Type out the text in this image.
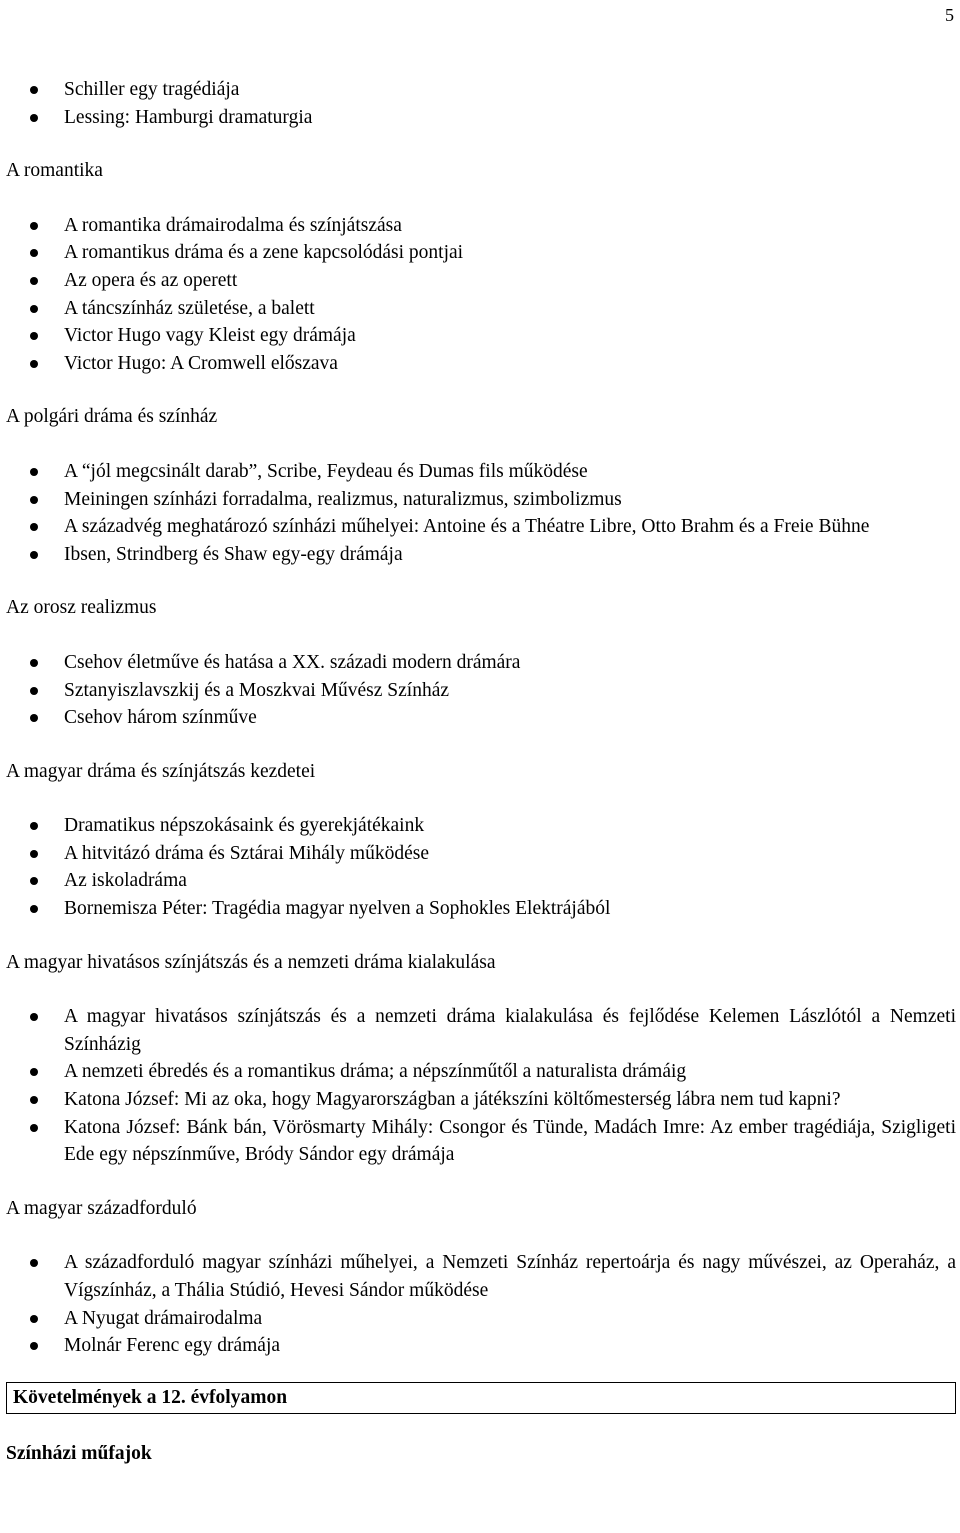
5
Schiller egy tragédiája
Lessing: Hamburgi dramaturgia
A romantika
A romantika drámairodalma és színjátszása
A romantikus dráma és a zene kapcsolódási pontjai
Az opera és az operett
A táncszínház születése, a balett
Victor Hugo vagy Kleist egy drámája
Victor Hugo: A Cromwell előszava
A polgári dráma és színház
A “jól megcsinált darab”, Scribe, Feydeau és Dumas fils működése
Meiningen színházi forradalma, realizmus, naturalizmus, szimbolizmus
A századvég meghatározó színházi műhelyei: Antoine és a Théatre Libre, Otto Brahm és a Freie Bühne
Ibsen, Strindberg és Shaw egy-egy drámája
Az orosz realizmus
Csehov életműve és hatása a XX. századi modern drámára
Sztanyiszlavszkij és a Moszkvai Művész Színház
Csehov három színműve
A magyar dráma és színjátszás kezdetei
Dramatikus népszokásaink és gyerekjátékaink
A hitvitázó dráma és Sztárai Mihály működése
Az iskoladráma
Bornemisza Péter: Tragédia magyar nyelven a Sophokles Elektrájából
A magyar hivatásos színjátszás és a nemzeti dráma kialakulása
A magyar hivatásos színjátszás és a nemzeti dráma kialakulása és fejlődése Kelemen Lászlótól a Nemzeti Színházig
A nemzeti ébredés és a romantikus dráma; a népszínműtől a naturalista drámáig
Katona József: Mi az oka, hogy Magyarországban a játékszíni költőmesterség lábra nem tud kapni?
Katona József: Bánk bán, Vörösmarty Mihály: Csongor és Tünde, Madách Imre: Az ember tragédiája, Szigligeti Ede egy népszínműve, Bródy Sándor egy drámája
A magyar századforduló
A századforduló magyar színházi műhelyei, a Nemzeti Színház repertoárja és nagy művészei, az Operaház, a Vígszínház, a Thália Stúdió, Hevesi Sándor működése
A Nyugat drámairodalma
Molnár Ferenc egy drámája
Követelmények a 12. évfolyamon
Színházi műfajok
